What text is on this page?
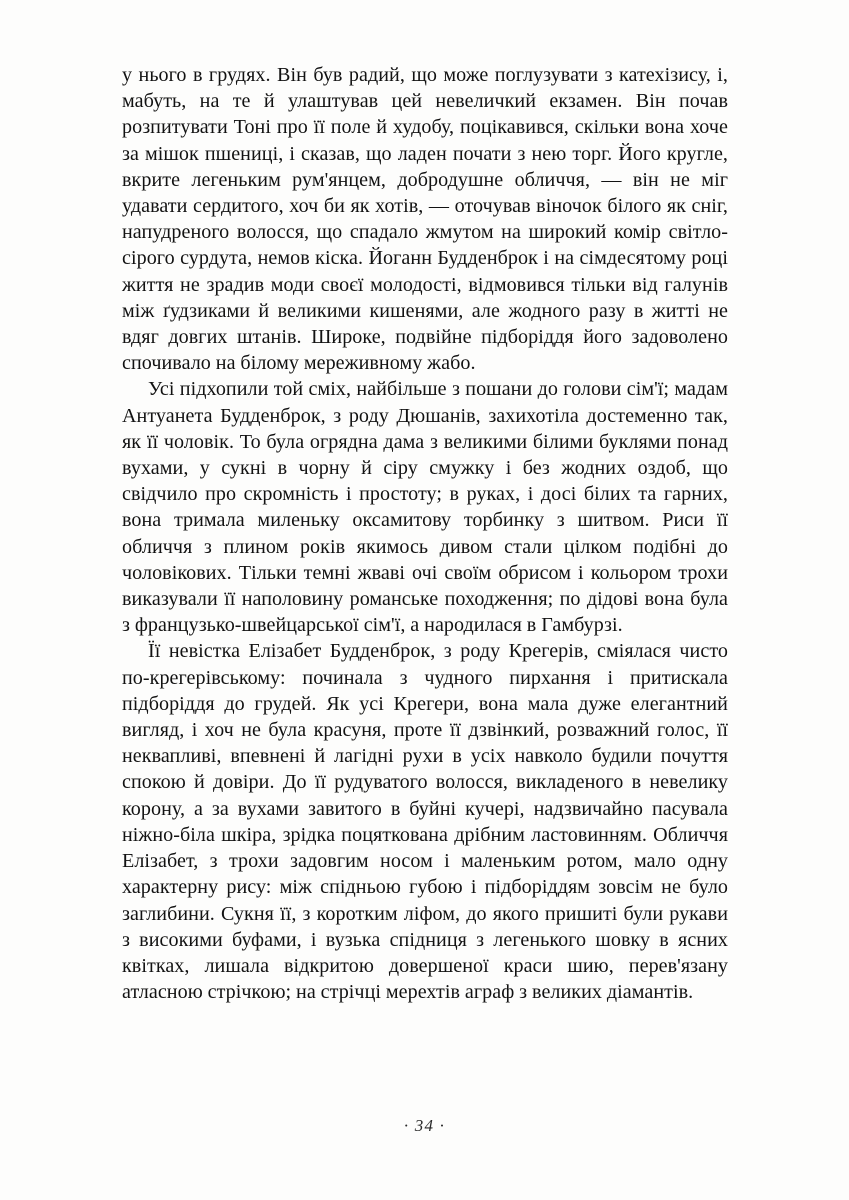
у нього в грудях. Він був радий, що може поглузувати з катехізису, і, мабуть, на те й улаштував цей невеличкий екзамен. Він почав розпитувати Тоні про її поле й худобу, поцікавився, скільки вона хоче за мішок пшениці, і сказав, що ладен почати з нею торг. Його кругле, вкрите легеньким рум'янцем, добродушне обличчя, — він не міг удавати сердитого, хоч би як хотів, — оточував віночок білого як сніг, напудреного волосся, що спадало жмутом на широкий комір світло-сірого сурдута, немов кіска. Йоганн Будденброк і на сімдесятому році життя не зрадив моди своєї молодості, відмовився тільки від галунів між ґудзиками й великими кишенями, але жодного разу в житті не вдяг довгих штанів. Широке, подвійне підборіддя його задоволено спочивало на білому мереживному жабо.

Усі підхопили той сміх, найбільше з пошани до голови сім'ї; мадам Антуанета Будденброк, з роду Дюшанів, захихотіла достеменно так, як її чоловік. То була огрядна дама з великими білими буклями понад вухами, у сукні в чорну й сіру смужку і без жодних оздоб, що свідчило про скромність і простоту; в руках, і досі білих та гарних, вона тримала миленьку оксамитову торбинку з шитвом. Риси її обличчя з плином років якимось дивом стали цілком подібні до чоловікових. Тільки темні жваві очі своїм обрисом і кольором трохи виказували її наполовину романське походження; по дідові вона була з французько-швейцарської сім'ї, а народилася в Гамбурзі.

Її невістка Елізабет Будденброк, з роду Крегерів, сміялася чисто по-крегерівському: починала з чудного пирхання і притискала підборіддя до грудей. Як усі Крегери, вона мала дуже елегантний вигляд, і хоч не була красуня, проте її дзвінкий, розважний голос, її неквапливі, впевнені й лагідні рухи в усіх навколо будили почуття спокою й довіри. До її рудуватого волосся, викладеного в невелику корону, а за вухами завитого в буйні кучері, надзвичайно пасувала ніжно-біла шкіра, зрідка поцяткована дрібним ластовинням. Обличчя Елізабет, з трохи задовгим носом і маленьким ротом, мало одну характерну рису: між спідньою губою і підборіддям зовсім не було заглибини. Сукня її, з коротким ліфом, до якого пришиті були рукави з високими буфами, і вузька спідниця з легенького шовку в ясних квітках, лишала відкритою довершеної краси шию, перев'язану атласною стрічкою; на стрічці мерехтів аграф з великих діамантів.

· 34 ·
